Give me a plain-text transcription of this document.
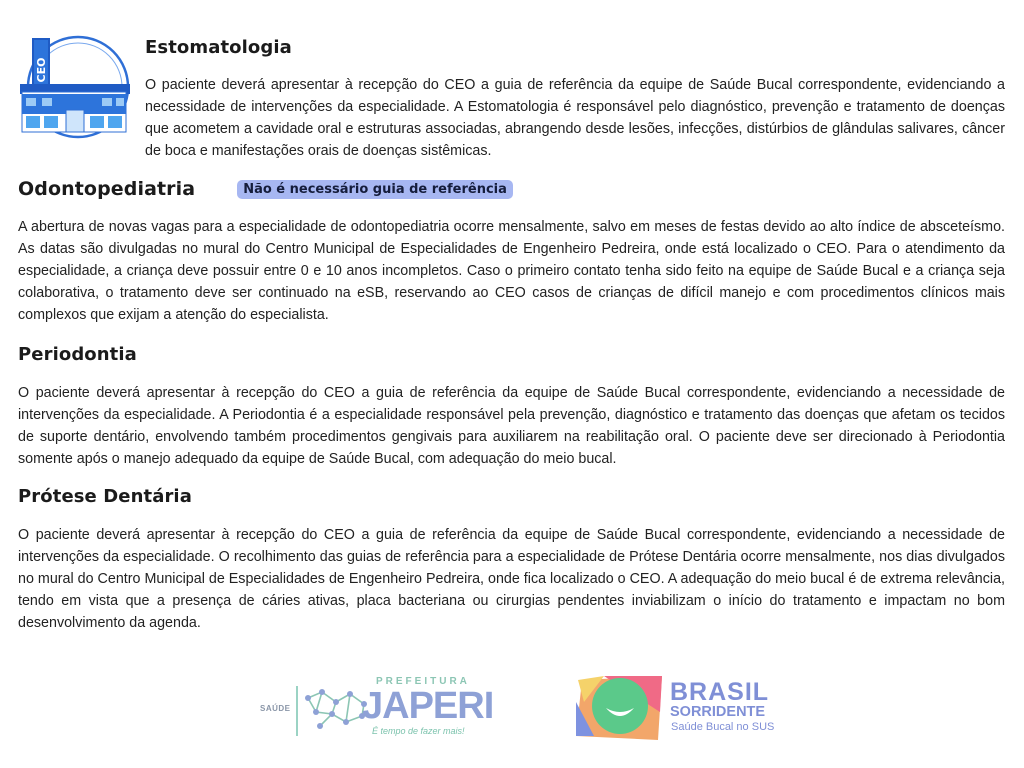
CEO
Estomatologia

O paciente deverá apresentar à recepção do CEO a guia de referência da equipe de Saúde Bucal correspondente, evidenciando a necessidade de intervenções da especialidade. A Estomatologia é responsável pelo diagnóstico, prevenção e tratamento de doenças que acometem a cavidade oral e estruturas associadas, abrangendo desde lesões, infecções, distúrbios de glândulas salivares, câncer de boca e manifestações orais de doenças sistêmicas.

Odontopediatria	Não é necessário guia de referência

A abertura de novas vagas para a especialidade de odontopediatria ocorre mensalmente, salvo em meses de festas devido ao alto índice de absceteísmo. As datas são divulgadas no mural do Centro Municipal de Especialidades de Engenheiro Pedreira, onde está localizado o CEO. Para o atendimento da especialidade, a criança deve possuir entre 0 e 10 anos incompletos. Caso o primeiro contato tenha sido feito na equipe de Saúde Bucal e a criança seja colaborativa, o tratamento deve ser continuado na eSB, reservando ao CEO casos de crianças de difícil manejo e com procedimentos clínicos mais complexos que exijam a atenção do especialista.

Periodontia

O paciente deverá apresentar à recepção do CEO a guia de referência da equipe de Saúde Bucal correspondente, evidenciando a necessidade de intervenções da especialidade. A Periodontia é a especialidade responsável pela prevenção, diagnóstico e tratamento das doenças que afetam os tecidos de suporte dentário, envolvendo também procedimentos gengivais para auxiliarem na reabilitação oral. O paciente deve ser direcionado à Periodontia somente após o manejo adequado da equipe de Saúde Bucal, com adequação do meio bucal.

Prótese Dentária

O paciente deverá apresentar à recepção do CEO a guia de referência da equipe de Saúde Bucal correspondente, evidenciando a necessidade de intervenções da especialidade. O recolhimento das guias de referência para a especialidade de Prótese Dentária ocorre mensalmente, nos dias divulgados no mural do Centro Municipal de Especialidades de Engenheiro Pedreira, onde fica localizado o CEO. A adequação do meio bucal é de extrema relevância, tendo em vista que a presença de cáries ativas, placa bacteriana ou cirurgias pendentes inviabilizam o início do tratamento e impactam no bom desenvolvimento da agenda.

SAÚDE
PREFEITURA
JAPERI
É tempo de fazer mais!
BRASIL
SORRIDENTE
Saúde Bucal no SUS
